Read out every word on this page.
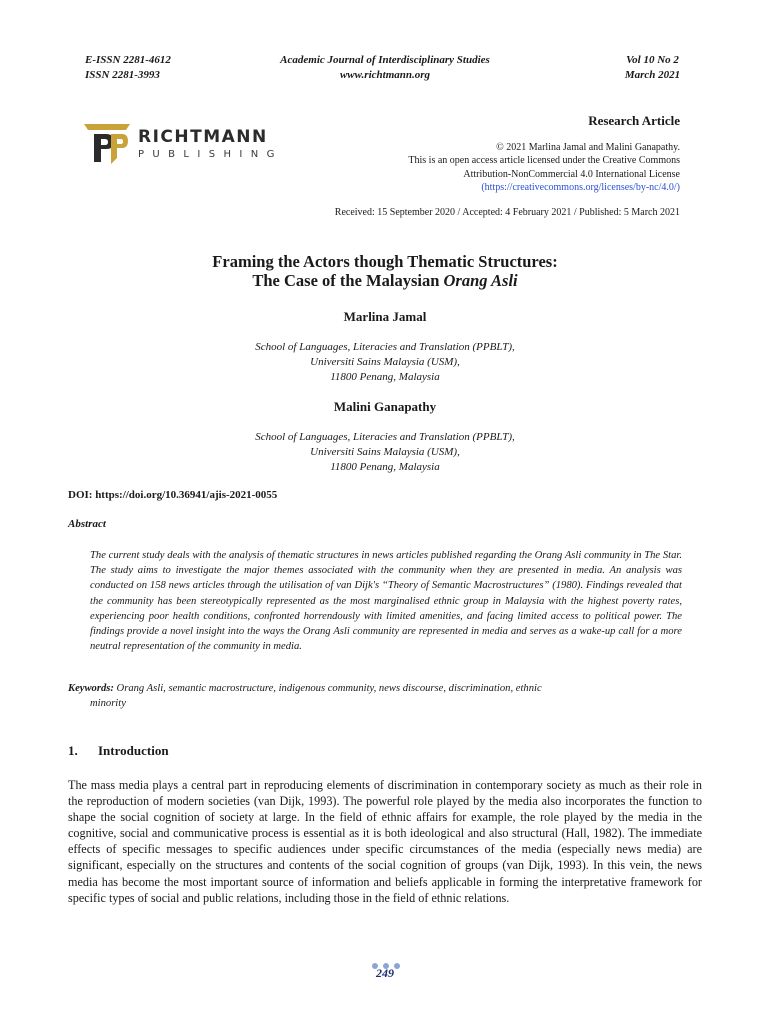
E-ISSN 2281-4612
ISSN 2281-3993
Academic Journal of Interdisciplinary Studies
www.richtmann.org
Vol 10 No 2
March 2021
RICHTMANN
PUBLISHING
Research Article
© 2021 Marlina Jamal and Malini Ganapathy.
This is an open access article licensed under the Creative Commons
Attribution-NonCommercial 4.0 International License
(https://creativecommons.org/licenses/by-nc/4.0/)
Received: 15 September 2020 / Accepted: 4 February 2021 / Published: 5 March 2021
Framing the Actors though Thematic Structures:
The Case of the Malaysian Orang Asli
Marlina Jamal
School of Languages, Literacies and Translation (PPBLT),
Universiti Sains Malaysia (USM),
11800 Penang, Malaysia
Malini Ganapathy
School of Languages, Literacies and Translation (PPBLT),
Universiti Sains Malaysia (USM),
11800 Penang, Malaysia
DOI: https://doi.org/10.36941/ajis-2021-0055
Abstract
The current study deals with the analysis of thematic structures in news articles published regarding the Orang Asli community in The Star. The study aims to investigate the major themes associated with the community when they are presented in media. An analysis was conducted on 158 news articles through the utilisation of van Dijk's “Theory of Semantic Macrostructures” (1980). Findings revealed that the community has been stereotypically represented as the most marginalised ethnic group in Malaysia with the highest poverty rates, experiencing poor health conditions, confronted horrendously with limited amenities, and facing limited access to political power. The findings provide a novel insight into the ways the Orang Asli community are represented in media and serves as a wake-up call for a more neutral representation of the community in media.
Keywords: Orang Asli, semantic macrostructure, indigenous community, news discourse, discrimination, ethnic
minority
1. Introduction
The mass media plays a central part in reproducing elements of discrimination in contemporary society as much as their role in the reproduction of modern societies (van Dijk, 1993). The powerful role played by the media also incorporates the function to shape the social cognition of society at large. In the field of ethnic affairs for example, the role played by the media in the cognitive, social and communicative process is essential as it is both ideological and also structural (Hall, 1982). The immediate effects of specific messages to specific audiences under specific circumstances of the media (especially news media) are significant, especially on the structures and contents of the social cognition of groups (van Dijk, 1993). In this vein, the news media has become the most important source of information and beliefs applicable in forming the interpretative framework for specific types of social and public relations, including those in the field of ethnic relations.
249
